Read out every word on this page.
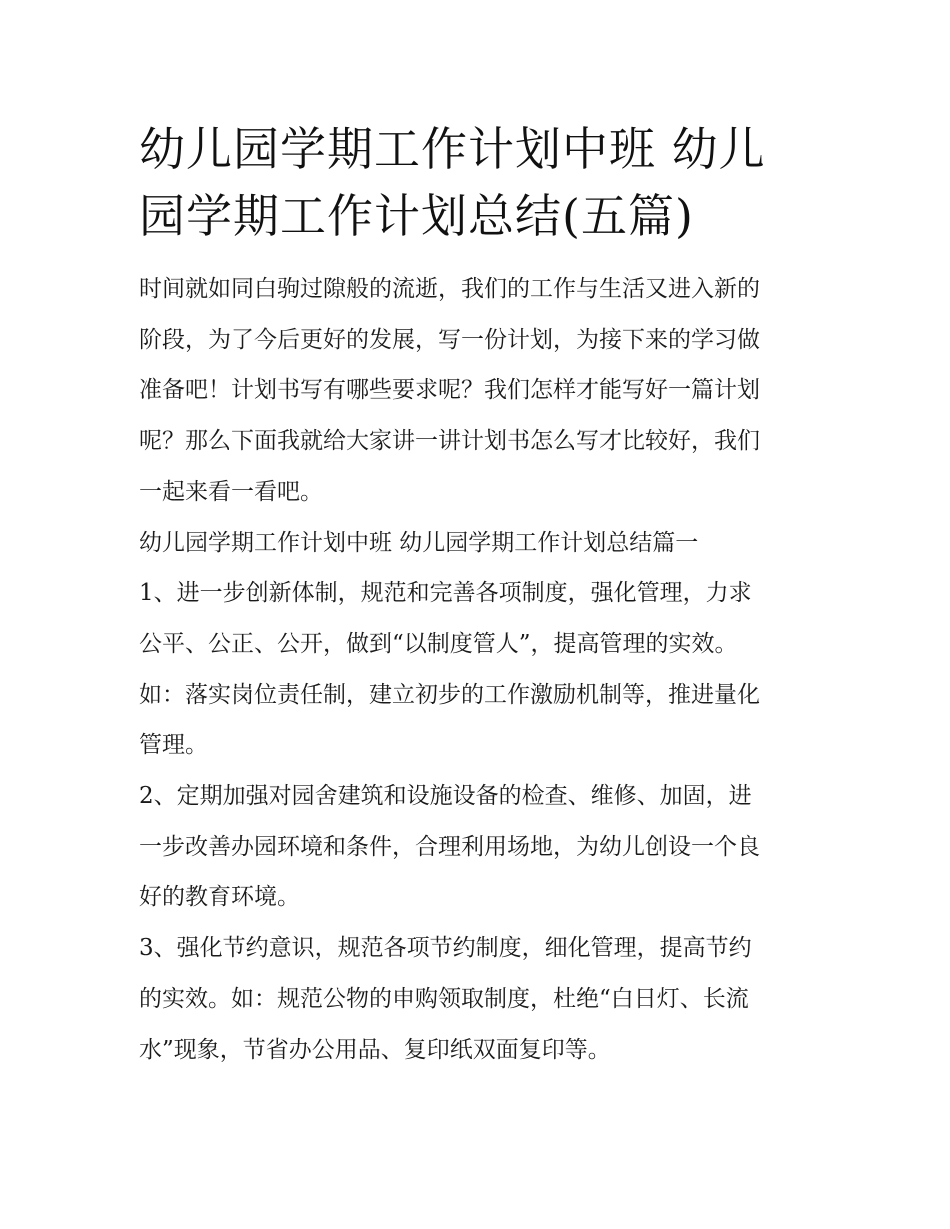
幼儿园学期工作计划中班 幼儿
园学期工作计划总结(五篇)

时间就如同白驹过隙般的流逝，我们的工作与生活又进入新的
阶段，为了今后更好的发展，写一份计划，为接下来的学习做
准备吧！计划书写有哪些要求呢？我们怎样才能写好一篇计划
呢？那么下面我就给大家讲一讲计划书怎么写才比较好，我们
一起来看一看吧。

幼儿园学期工作计划中班 幼儿园学期工作计划总结篇一

1、进一步创新体制，规范和完善各项制度，强化管理，力求
公平、公正、公开，做到“以制度管人”，提高管理的实效。
如：落实岗位责任制，建立初步的工作激励机制等，推进量化
管理。

2、定期加强对园舍建筑和设施设备的检查、维修、加固，进
一步改善办园环境和条件，合理利用场地，为幼儿创设一个良
好的教育环境。

3、强化节约意识，规范各项节约制度，细化管理，提高节约
的实效。如：规范公物的申购领取制度，杜绝“白日灯、长流
水”现象，节省办公用品、复印纸双面复印等。
